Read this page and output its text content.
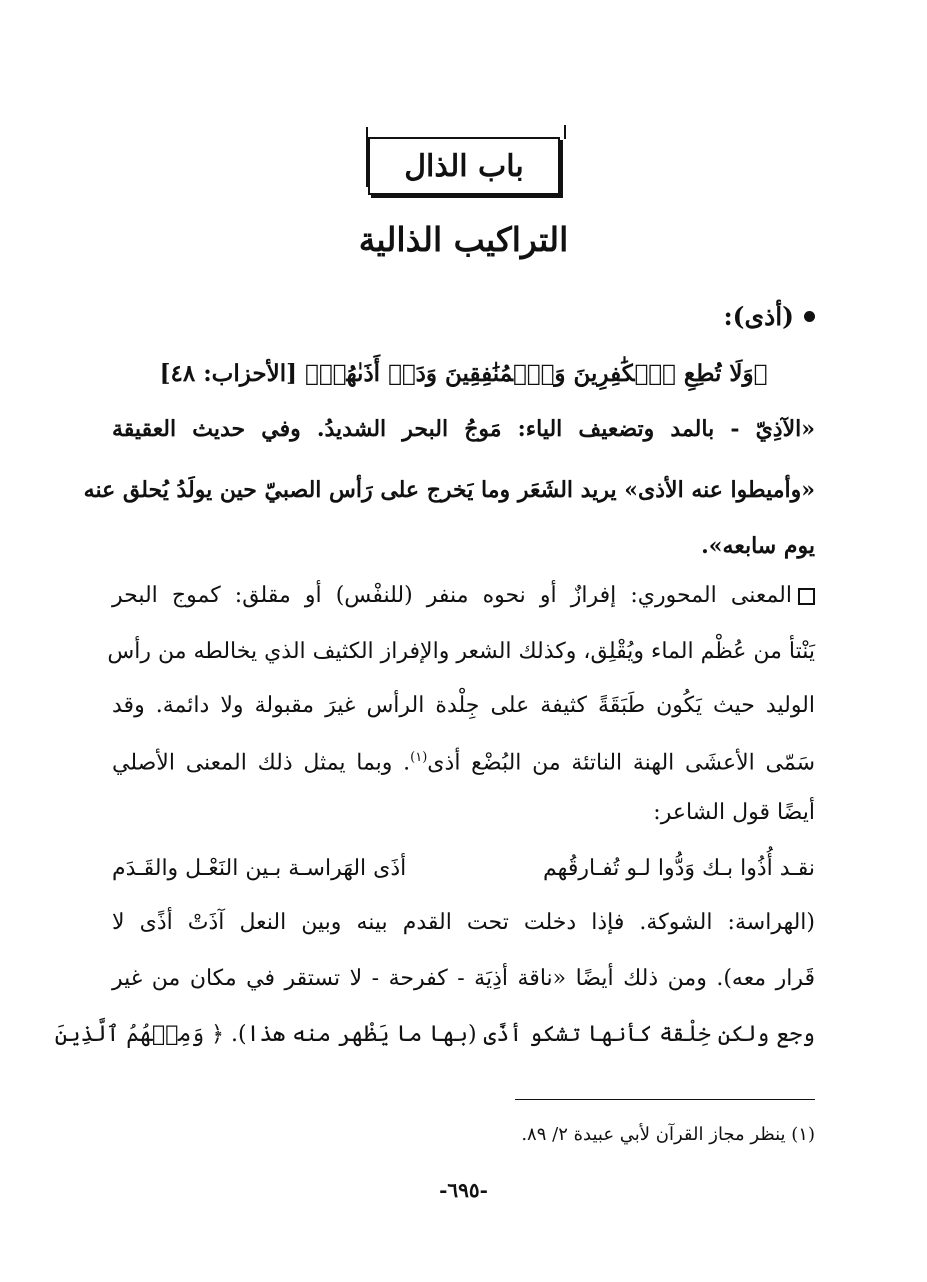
باب الذال
التراكيب الذالية
(أذى):
﴿وَلَا تُطِعِ ٱلۡكَٰفِرِينَ وَٱلۡمُنَٰفِقِينَ وَدَعۡ أَذَىٰهُمۡ﴾ [الأحزاب: ٤٨]
«الآذِيّ - بالمد وتضعيف الياء: مَوجُ البحر الشديدُ. وفي حديث العقيقة
«وأميطوا عنه الأذى» يريد الشَعَر وما يَخرج على رَأس الصبيّ حين يولَدُ يُحلق عنه
يوم سابعه».
المعنى المحوري: إفرازٌ أو نحوه منفر (للنفْس) أو مقلق: كموج البحر
يَنْتأ من عُظْم الماء ويُقْلِق، وكذلك الشعر والإفراز الكثيف الذي يخالطه من رأس
الوليد حيث يَكُون طَبَقَةً كثيفة على جِلْدة الرأس غيرَ مقبولة ولا دائمة. وقد
سَمّى الأعشَى الهنة الناتئة من البُضْع أذى$^{(١)}$. وبما يمثل ذلك المعنى الأصلي
أيضًا قول الشاعر:
نقـد أُذُوا بـك وَدُّوا لـو تُفـارقُهم
أذَى الهَراسـة بـين النَعْـل والقَـدَم
(الهراسة: الشوكة. فإذا دخلت تحت القدم بينه وبين النعل آذَتْ أذًى لا
قَرار معه). ومن ذلك أيضًا «ناقة أذِيَة - كفرحة - لا تستقر في مكان من غير
وجع ولكن خِلْقة كأنها تشكو أذًى (بها ما يَظْهر منه هذا). ﴿ وَمِنۡهُمُ ٱلَّذِينَ
(١) ينظر مجاز القرآن لأبي عبيدة ٢/ ٨٩.
-٦٩٥-
